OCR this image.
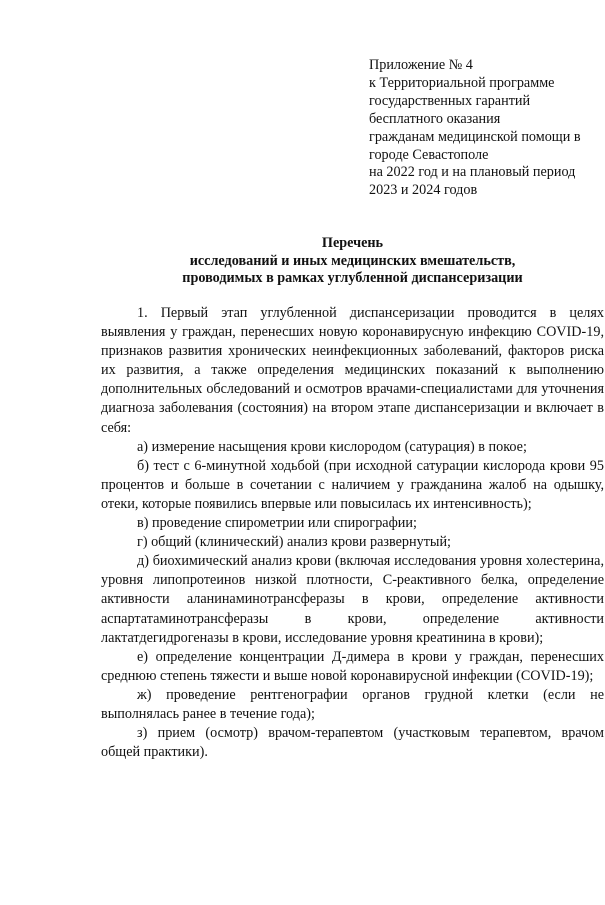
Приложение № 4
к Территориальной программе
государственных гарантий
бесплатного оказания
гражданам медицинской помощи в
городе Севастополе
на 2022 год и на плановый период
2023 и 2024 годов
Перечень
исследований и иных медицинских вмешательств,
проводимых в рамках углубленной диспансеризации

1. Первый этап углубленной диспансеризации проводится в целях выявления у граждан, перенесших новую коронавирусную инфекцию COVID-19, признаков развития хронических неинфекционных заболеваний, факторов риска их развития, а также определения медицинских показаний к выполнению дополнительных обследований и осмотров врачами-специалистами для уточнения диагноза заболевания (состояния) на втором этапе диспансеризации и включает в себя:

а) измерение насыщения крови кислородом (сатурация) в покое;

б) тест с 6-минутной ходьбой (при исходной сатурации кислорода крови 95 процентов и больше в сочетании с наличием у гражданина жалоб на одышку, отеки, которые появились впервые или повысилась их интенсивность);

в) проведение спирометрии или спирографии;

г) общий (клинический) анализ крови развернутый;

д) биохимический анализ крови (включая исследования уровня холестерина, уровня липопротеинов низкой плотности, С-реактивного белка, определение активности аланинаминотрансферазы в крови, определение активности аспартатаминотрансферазы в крови, определение активности лактатдегидрогеназы в крови, исследование уровня креатинина в крови);

е) определение концентрации Д-димера в крови у граждан, перенесших среднюю степень тяжести и выше новой коронавирусной инфекции (COVID-19);

ж) проведение рентгенографии органов грудной клетки (если не выполнялась ранее в течение года);

з) прием (осмотр) врачом-терапевтом (участковым терапевтом, врачом общей практики).
